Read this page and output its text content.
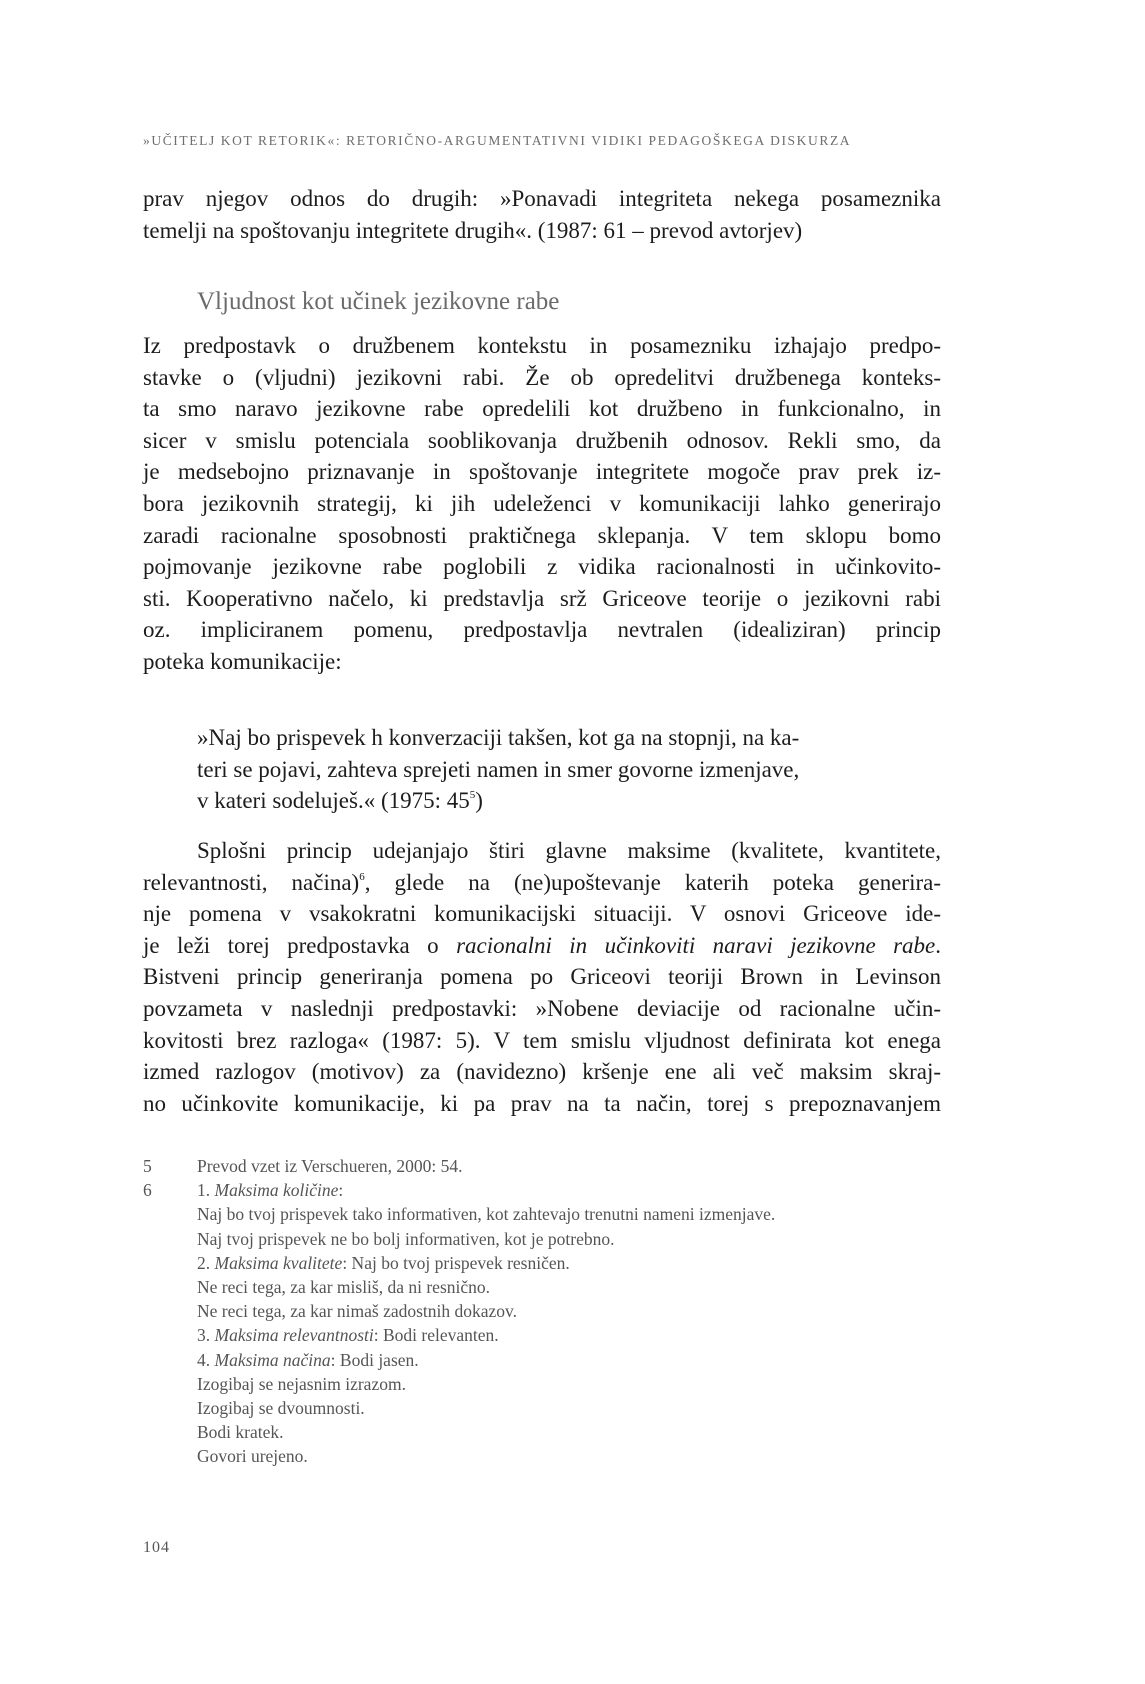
»UČITELJ KOT RETORIK«: RETORIČNO-ARGUMENTATIVNI VIDIKI PEDAGOŠKEGA DISKURZA
prav njegov odnos do drugih: »Ponavadi integriteta nekega posameznika
temelji na spoštovanju integritete drugih«. (1987: 61 – prevod avtorjev)
Vljudnost kot učinek jezikovne rabe
Iz predpostavk o družbenem kontekstu in posamezniku izhajajo predpo-
stavke o (vljudni) jezikovni rabi. Že ob opredelitvi družbenega konteks-
ta smo naravo jezikovne rabe opredelili kot družbeno in funkcionalno, in
sicer v smislu potenciala sooblikovanja družbenih odnosov. Rekli smo, da
je medsebojno priznavanje in spoštovanje integritete mogoče prav prek iz-
bora jezikovnih strategij, ki jih udeleženci v komunikaciji lahko generirajo
zaradi racionalne sposobnosti praktičnega sklepanja. V tem sklopu bomo
pojmovanje jezikovne rabe poglobili z vidika racionalnosti in učinkovito-
sti. Kooperativno načelo, ki predstavlja srž Griceove teorije o jezikovni rabi
oz. impliciranem pomenu, predpostavlja nevtralen (idealiziran) princip
poteka komunikacije:
»Naj bo prispevek h konverzaciji takšen, kot ga na stopnji, na ka-
teri se pojavi, zahteva sprejeti namen in smer govorne izmenjave,
v kateri sodeluješ.« (1975: $45^5$)
Splošni princip udejanjajo štiri glavne maksime (kvalitete, kvantitete,
relevantnosti, načina)$^6$, glede na (ne)upoštevanje katerih poteka generira-
nje pomena v vsakokratni komunikacijski situaciji. V osnovi Griceove ide-
je leži torej predpostavka o racionalni in učinkoviti naravi jezikovne rabe.
Bistveni princip generiranja pomena po Griceovi teoriji Brown in Levinson
povzameta v naslednji predpostavki: »Nobene deviacije od racionalne učin-
kovitosti brez razloga« (1987: 5). V tem smislu vljudnost definirata kot enega
izmed razlogov (motivov) za (navidezno) kršenje ene ali več maksim skraj-
no učinkovite komunikacije, ki pa prav na ta način, torej s prepoznavanjem
5	Prevod vzet iz Verschueren, 2000: 54.
6	1. Maksima količine:
Naj bo tvoj prispevek tako informativen, kot zahtevajo trenutni nameni izmenjave.
Naj tvoj prispevek ne bo bolj informativen, kot je potrebno.
2. Maksima kvalitete: Naj bo tvoj prispevek resničen.
Ne reci tega, za kar misliš, da ni resnično.
Ne reci tega, za kar nimaš zadostnih dokazov.
3. Maksima relevantnosti: Bodi relevanten.
4. Maksima načina: Bodi jasen.
Izogibaj se nejasnim izrazom.
Izogibaj se dvoumnosti.
Bodi kratek.
Govori urejeno.
104
